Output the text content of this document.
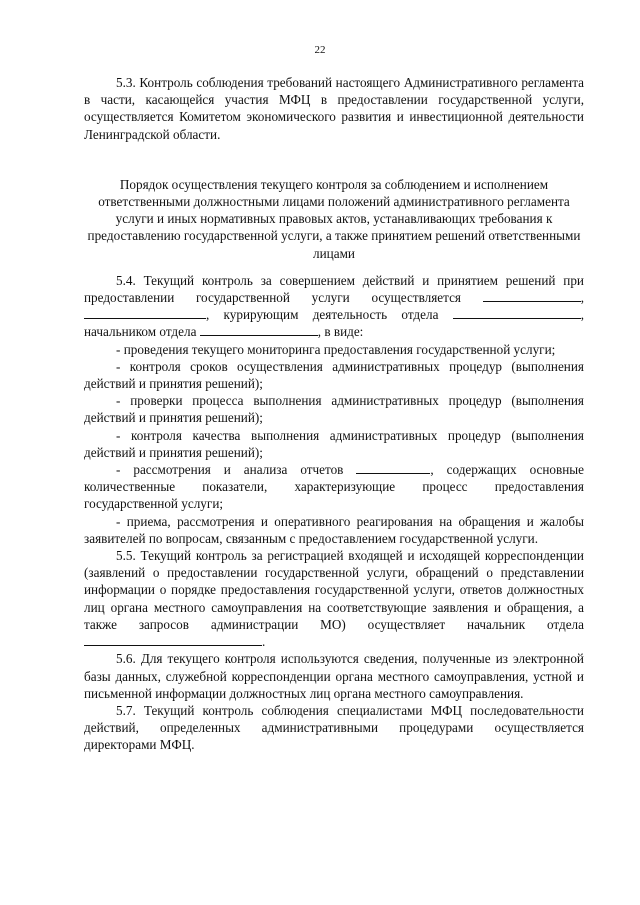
22

5.3. Контроль соблюдения требований настоящего Административного регламента в части, касающейся участия МФЦ в предоставлении государственной услуги, осуществляется Комитетом экономического развития и инвестиционной деятельности Ленинградской области.

Порядок осуществления текущего контроля за соблюдением и исполнением ответственными должностными лицами положений административного регламента услуги и иных нормативных правовых актов, устанавливающих требования к предоставлению государственной услуги, а также принятием решений ответственными лицами

5.4. Текущий контроль за совершением действий и принятием решений при предоставлении государственной услуги осуществляется	, , курирующим деятельность отдела	, начальником отдела	, в виде:

- проведения текущего мониторинга предоставления государственной услуги;

- контроля сроков осуществления административных процедур (выполнения действий и принятия решений);

- проверки процесса выполнения административных процедур (выполнения действий и принятия решений);

- контроля качества выполнения административных процедур (выполнения действий и принятия решений);

- рассмотрения и анализа отчетов	, содержащих основные количественные показатели, характеризующие процесс предоставления государственной услуги;

- приема, рассмотрения и оперативного реагирования на обращения и жалобы заявителей по вопросам, связанным с предоставлением государственной услуги.

5.5. Текущий контроль за регистрацией входящей и исходящей корреспонденции (заявлений о предоставлении государственной услуги, обращений о представлении информации о порядке предоставления государственной услуги, ответов должностных лиц органа местного самоуправления на соответствующие заявления и обращения, а также запросов администрации МО) осуществляет начальник отдела .

5.6. Для текущего контроля используются сведения, полученные из электронной базы данных, служебной корреспонденции органа местного самоуправления, устной и письменной информации должностных лиц органа местного самоуправления.

5.7. Текущий контроль соблюдения специалистами МФЦ последовательности действий, определенных административными процедурами осуществляется директорами МФЦ.
